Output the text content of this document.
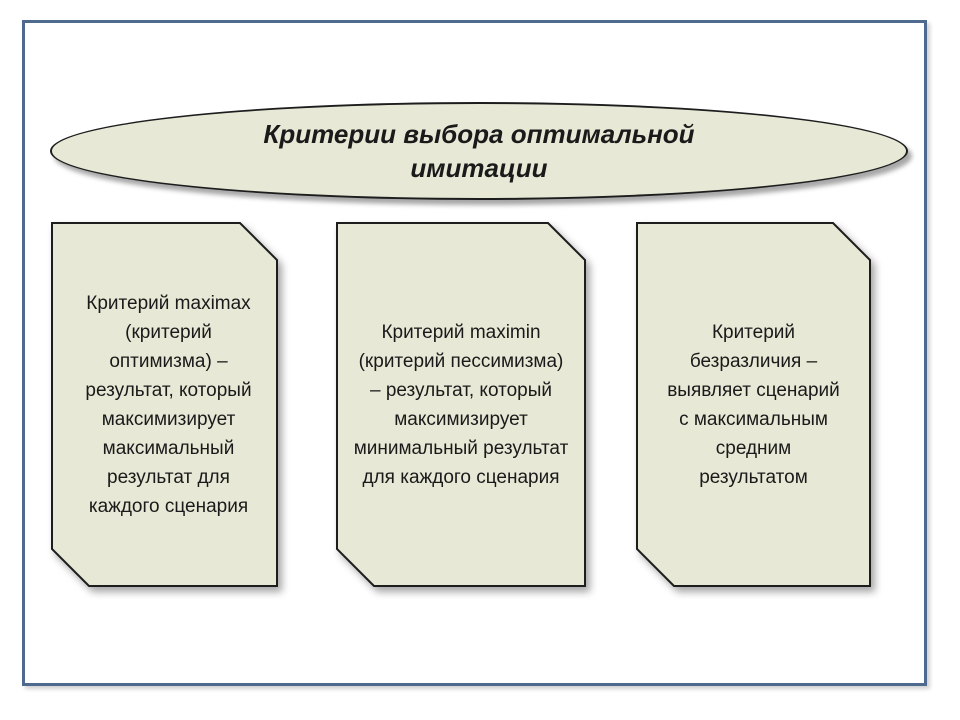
Критерии выбора оптимальной имитации
Критерий maximax (критерий оптимизма) – результат, который максимизирует максимальный результат для каждого сценария
Критерий maximin (критерий пессимизма) – результат, который максимизирует минимальный результат для каждого сценария
Критерий безразличия – выявляет сценарий с максимальным средним результатом
